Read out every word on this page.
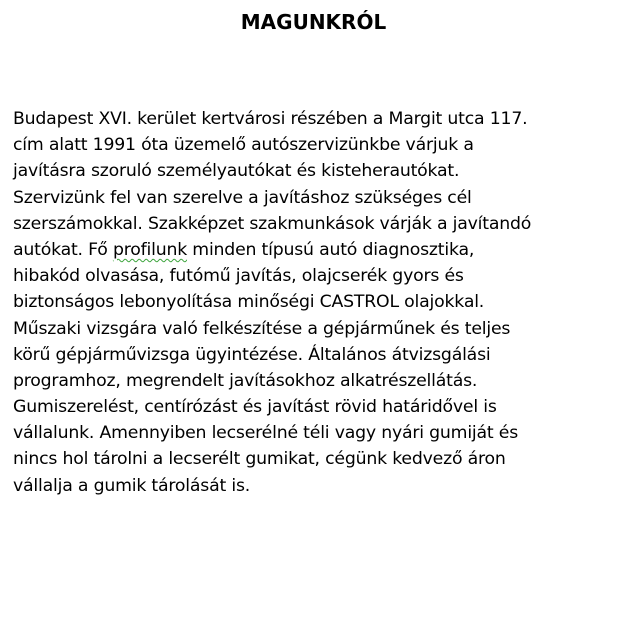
MAGUNKRÓL
Budapest XVI. kerület kertvárosi részében a Margit utca 117.
cím alatt 1991 óta üzemelő autószervizünkbe várjuk a
javításra szoruló személyautókat és kisteherautókat.
Szervizünk fel van szerelve a javításhoz szükséges cél
szerszámokkal. Szakképzet szakmunkások várják a javítandó
autókat. Fő profilunk minden típusú autó diagnosztika,
hibakód olvasása, futómű javítás, olajcserék gyors és
biztonságos lebonyolítása minőségi CASTROL olajokkal.
Műszaki vizsgára való felkészítése a gépjárműnek és teljes
körű gépjárművizsga ügyintézése. Általános átvizsgálási
programhoz, megrendelt javításokhoz alkatrészellátás.
Gumiszerelést, centírózást és javítást rövid határidővel is
vállalunk. Amennyiben lecserélné téli vagy nyári gumiját és
nincs hol tárolni a lecserélt gumikat, cégünk kedvező áron
vállalja a gumik tárolását is.
